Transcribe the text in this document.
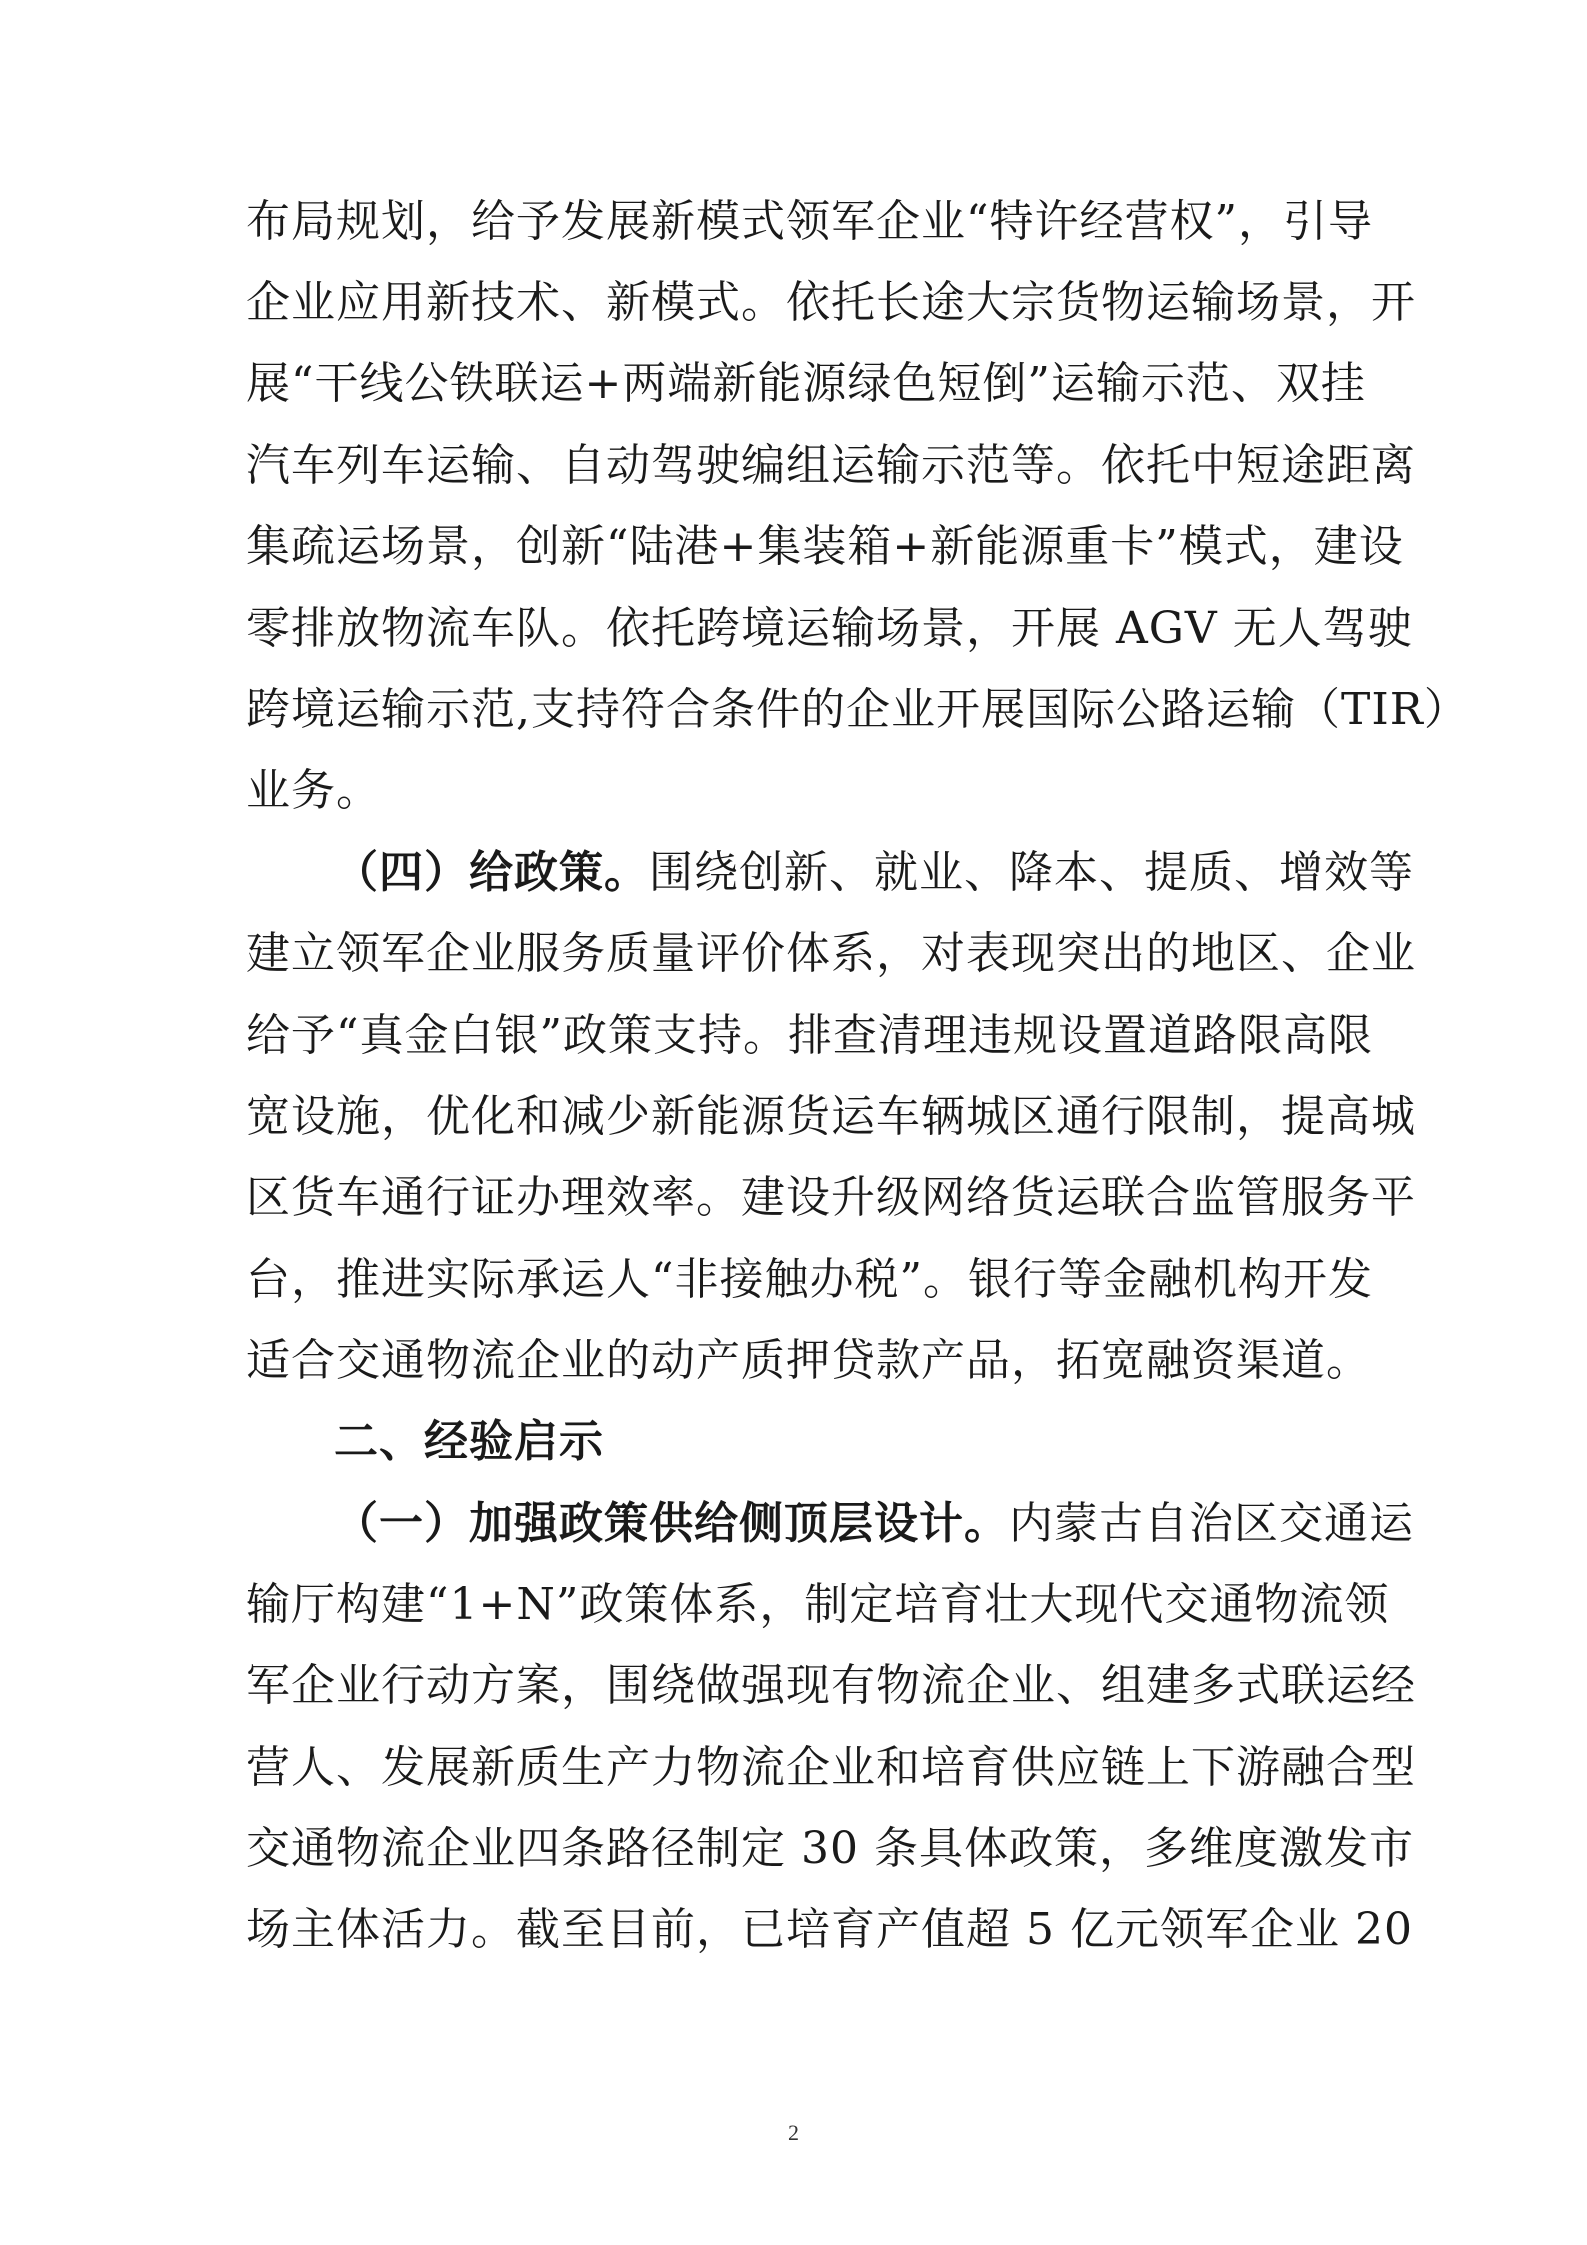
布局规划，给予发展新模式领军企业“特许经营权”，引导
企业应用新技术、新模式。依托长途大宗货物运输场景，开
展“干线公铁联运+两端新能源绿色短倒”运输示范、双挂
汽车列车运输、自动驾驶编组运输示范等。依托中短途距离
集疏运场景，创新“陆港+集装箱+新能源重卡”模式，建设
零排放物流车队。依托跨境运输场景，开展 AGV 无人驾驶
跨境运输示范,支持符合条件的企业开展国际公路运输（TIR）
业务。
（四）给政策。围绕创新、就业、降本、提质、增效等
建立领军企业服务质量评价体系，对表现突出的地区、企业
给予“真金白银”政策支持。排查清理违规设置道路限高限
宽设施，优化和减少新能源货运车辆城区通行限制，提高城
区货车通行证办理效率。建设升级网络货运联合监管服务平
台，推进实际承运人“非接触办税”。银行等金融机构开发
适合交通物流企业的动产质押贷款产品，拓宽融资渠道。
二、经验启示
（一）加强政策供给侧顶层设计。内蒙古自治区交通运
输厅构建“1+N”政策体系，制定培育壮大现代交通物流领
军企业行动方案，围绕做强现有物流企业、组建多式联运经
营人、发展新质生产力物流企业和培育供应链上下游融合型
交通物流企业四条路径制定 30 条具体政策，多维度激发市
场主体活力。截至目前，已培育产值超 5 亿元领军企业 20
2
